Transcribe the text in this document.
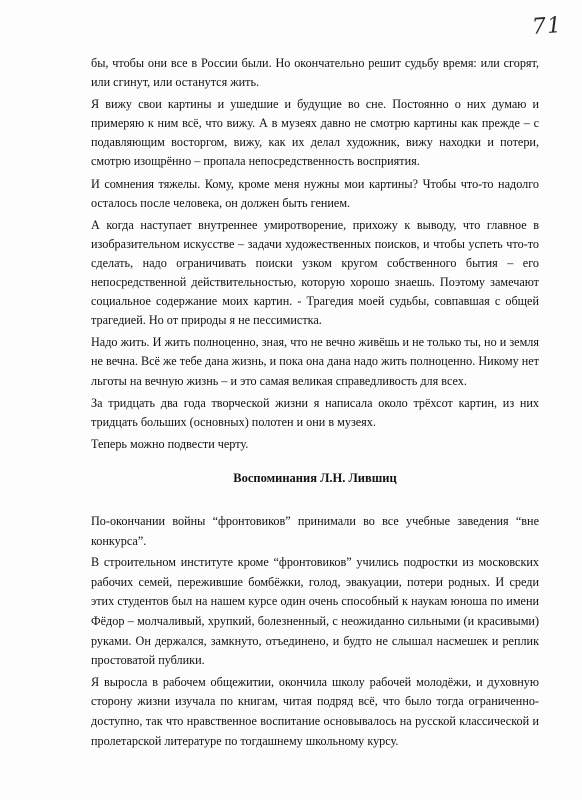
71

бы, чтобы они все в России были. Но окончательно решит судьбу время: или сгорят, или сгинут, или останутся жить.

Я вижу свои картины и ушедшие и будущие во сне. Постоянно о них думаю и примеряю к ним всё, что вижу. А в музеях давно не смотрю картины как прежде – с подавляющим восторгом, вижу, как их делал художник, вижу находки и потери, смотрю изощрённо – пропала непосредственность восприятия.

И сомнения тяжелы. Кому, кроме меня нужны мои картины? Чтобы что-то надолго осталось после человека, он должен быть гением.

А когда наступает внутреннее умиротворение, прихожу к выводу, что главное в изобразительном искусстве – задачи художественных поисков, и чтобы успеть что-то сделать, надо ограничивать поиски узком кругом собственного бытия – его непосредственной действительностью, которую хорошо знаешь. Поэтому замечают социальное содержание моих картин. - Трагедия моей судьбы, совпавшая с общей трагедией. Но от природы я не пессимистка.

Надо жить. И жить полноценно, зная, что не вечно живёшь и не только ты, но и земля не вечна. Всё же тебе дана жизнь, и пока она дана надо жить полноценно. Никому нет льготы на вечную жизнь – и это самая великая справедливость для всех.

За тридцать два года творческой жизни я написала около трёхсот картин, из них тридцать больших (основных) полотен и они в музеях.

Теперь можно подвести черту.

Воспоминания Л.Н. Лившиц

По-окончании войны “фронтовиков” принимали во все учебные заведения “вне конкурса”.

В строительном институте кроме “фронтовиков” учились подростки из московских рабочих семей, пережившие бомбёжки, голод, эвакуации, потери родных. И среди этих студентов был на нашем курсе один очень способный к наукам юноша по имени Фёдор – молчаливый, хрупкий, болезненный, с неожиданно сильными (и красивыми) руками. Он держался, замкнуто, отъединено, и будто не слышал насмешек и реплик простоватой публики.

Я выросла в рабочем общежитии, окончила школу рабочей молодёжи, и духовную сторону жизни изучала по книгам, читая подряд всё, что было тогда ограниченно-доступно, так что нравственное воспитание основывалось на русской классической и пролетарской литературе по тогдашнему школьному курсу.
